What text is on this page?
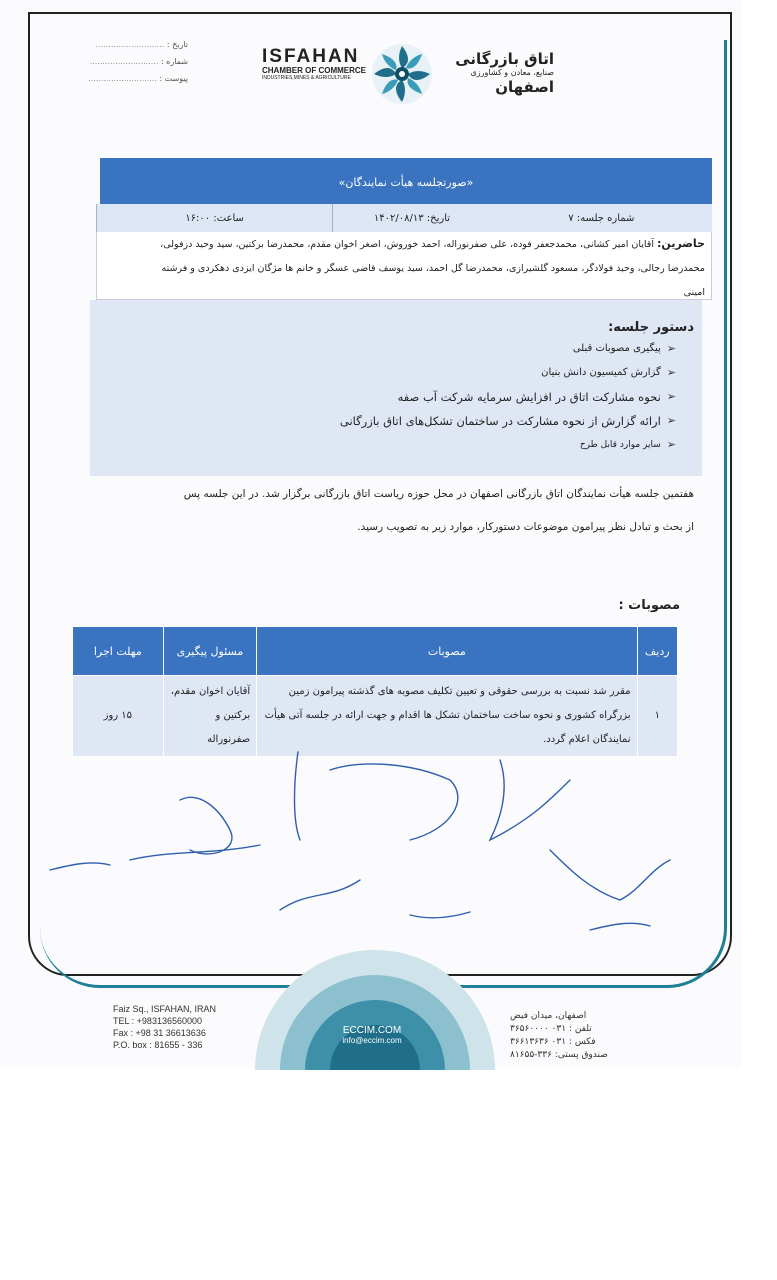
تاریخ : ...........................
شماره : ...........................
پیوست : ...........................
ISFAHAN
CHAMBER OF COMMERCE
INDUSTRIES,MINES & AGRICULTURE
اتاق بازرگانی
صنایع، معادن و کشاورزی
اصفهان
«صورتجلسه هیأت نمایندگان»
شماره جلسه: ۷
تاریخ: ۱۴۰۲/۰۸/۱۳
ساعت: ۱۶:۰۰
حاضرین: آقایان امیر کشانی، محمدجعفر فوده، علی صفرنوراله، احمد خوروش، اصغر اخوان مقدم، محمدرضا برکتین، سید وحید دزفولی،
محمدرضا رجالی، وحید فولادگر، مسعود گلشیرازی، محمدرضا گل احمد، سید یوسف قاضی عسگر و خانم ها مژگان ایزدی دهکردی و فرشته
امینی
دستور جلسه:
➢
پیگیری مصوبات قبلی
➢
گزارش کمیسیون دانش بنیان
➢
نحوه مشارکت اتاق در افزایش سرمایه شرکت آب صفه
➢
ارائه گزارش از نحوه مشارکت در ساختمان تشکل‌های اتاق بازرگانی
➢
سایر موارد قابل طرح
هفتمین جلسه هیأت نمایندگان اتاق بازرگانی اصفهان در محل حوزه ریاست اتاق بازرگانی برگزار شد. در این جلسه پس
از بحث و تبادل نظر پیرامون موضوعات دستورکار، موارد زیر به تصویب رسید.
مصوبات :
ردیف	مصوبات	مسئول پیگیری	مهلت اجرا
۱	مقرر شد نسبت به بررسی حقوقی و تعیین تکلیف مصوبه های گذشته پیرامون زمین بزرگراه کشوری و نحوه ساخت ساختمان تشکل ها اقدام و جهت ارائه در جلسه آتی هیأت نمایندگان اعلام گردد.	آقایان اخوان مقدم، برکتین و صفرنوراله	۱۵ روز
Faiz Sq., ISFAHAN, IRAN
TEL : +983136560000
Fax : +98 31 36613636
P.O. box : 81655 - 336
ECCIM.COM
info@eccim.com
اصفهان، میدان فیض
تلفن : ۰۳۱ ۳۶۵۶۰۰۰۰
فکس : ۰۳۱ ۳۶۶۱۳۶۳۶
صندوق پستی: ۳۳۶-۸۱۶۵۵
